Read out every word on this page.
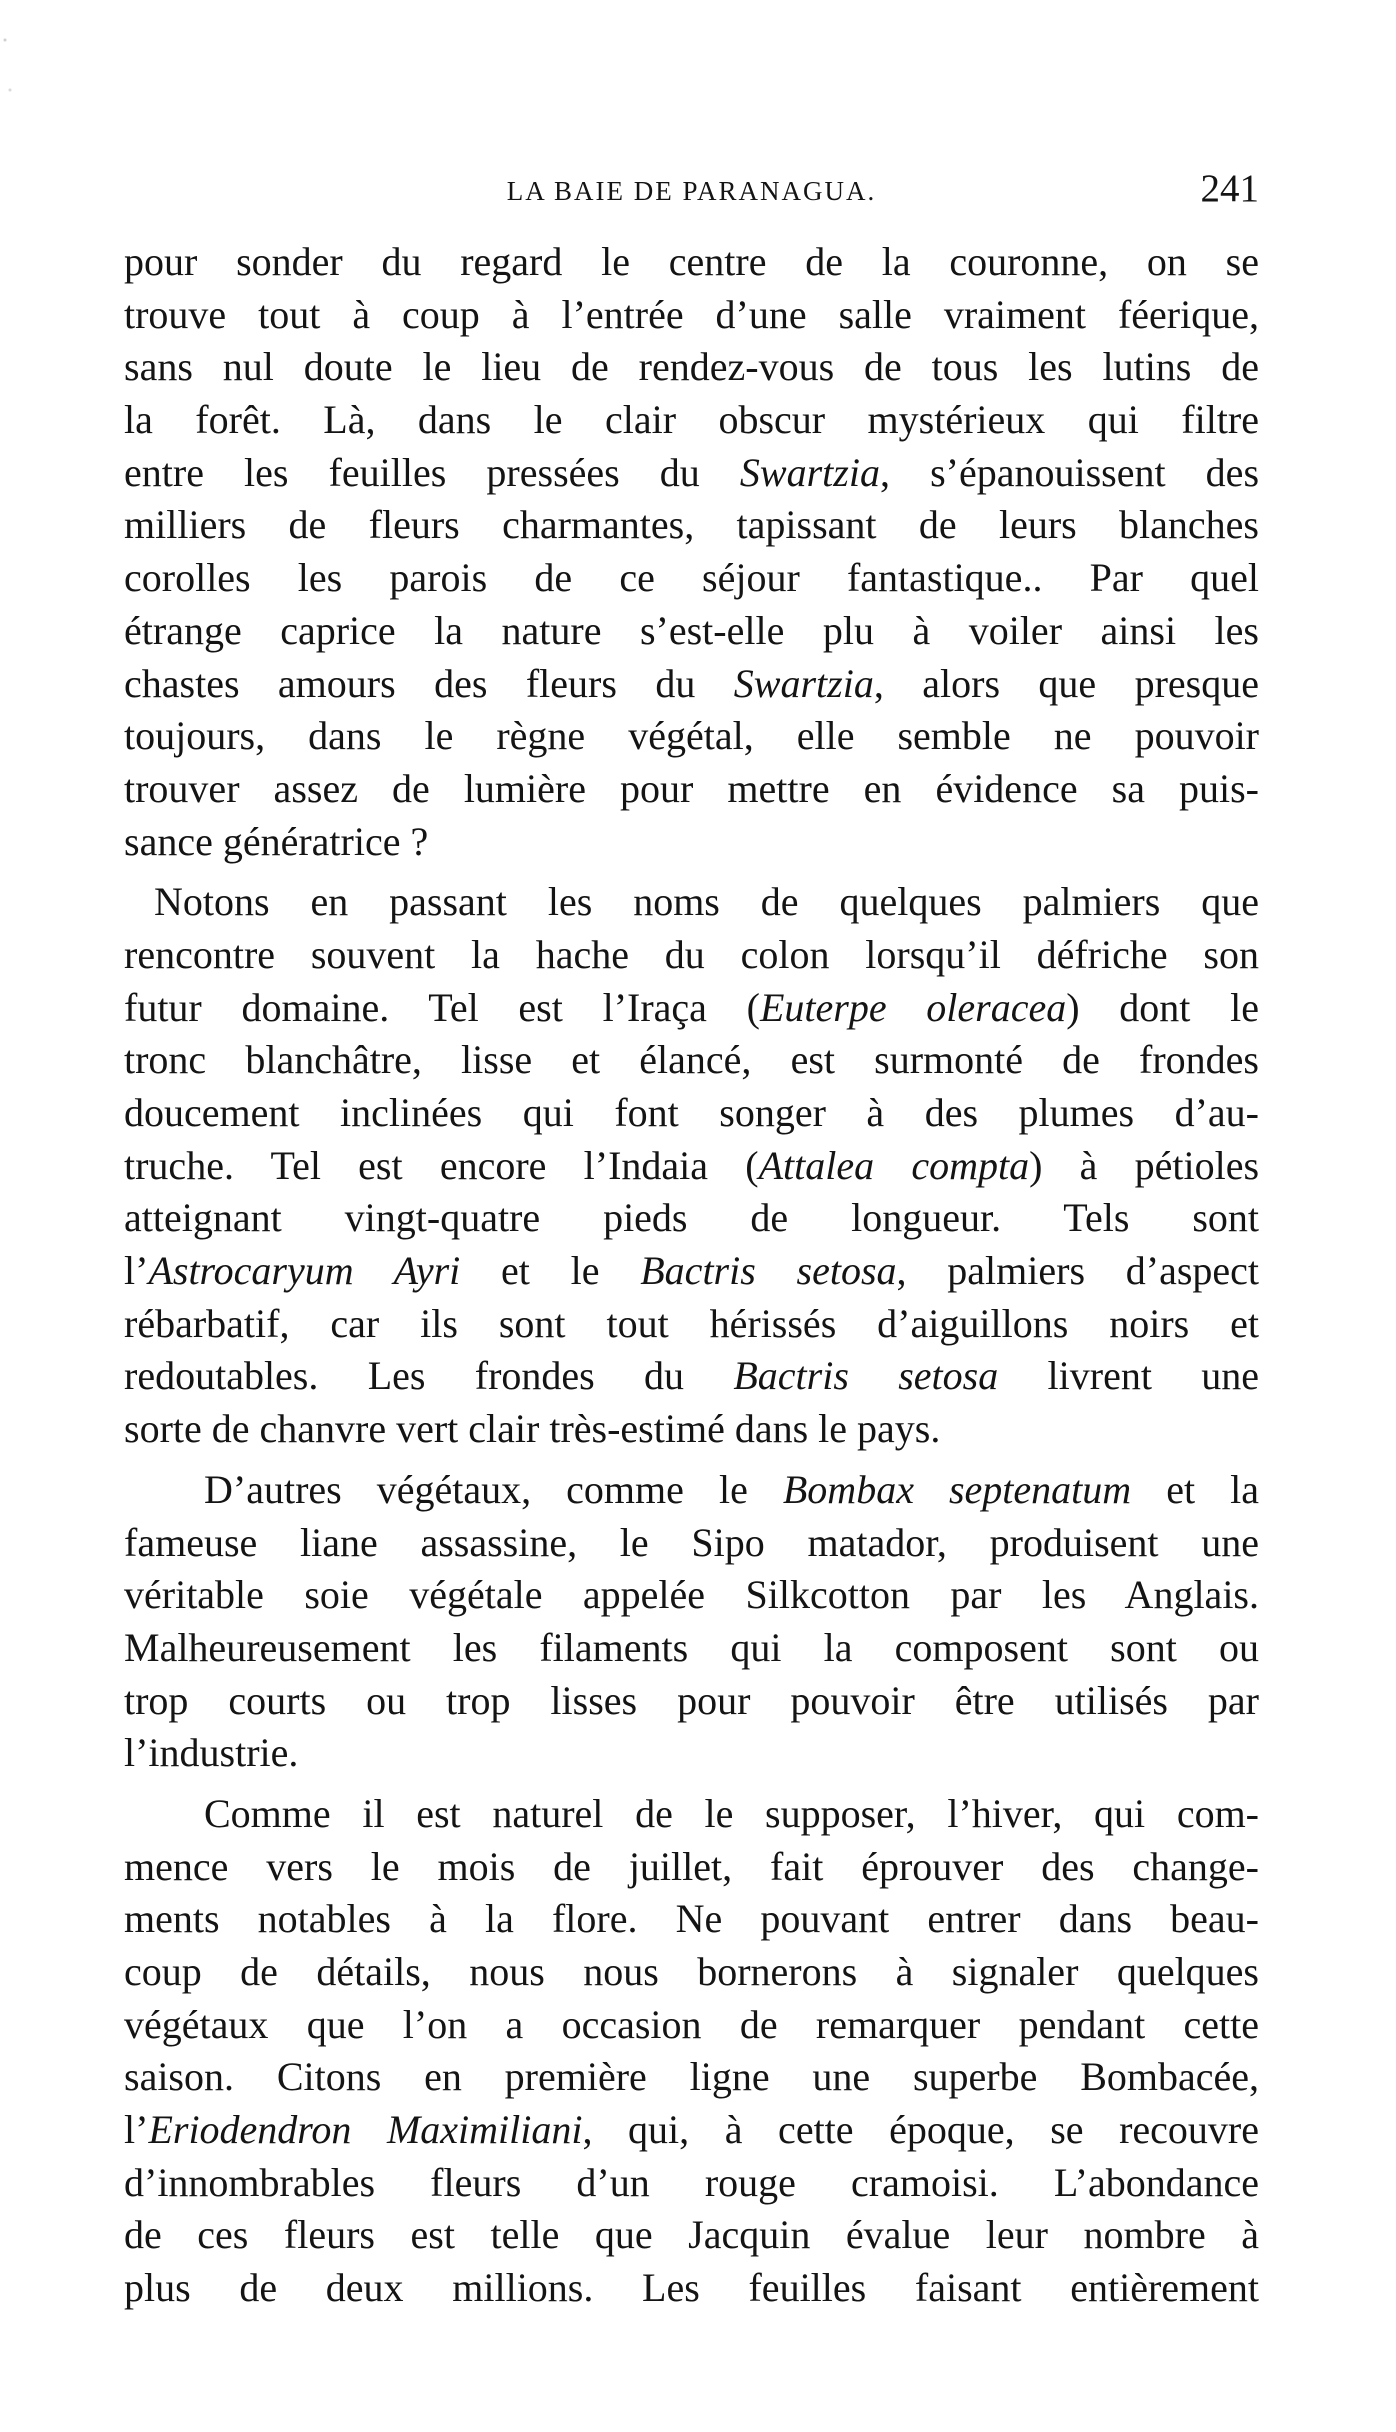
LA BAIE DE PARANAGUA.	241
pour sonder du regard le centre de la couronne, on se
trouve tout à coup à l’entrée d’une salle vraiment féerique,
sans nul doute le lieu de rendez-vous de tous les lutins de
la forêt. Là, dans le clair obscur mystérieux qui filtre
entre les feuilles pressées du Swartzia, s’épanouissent des
milliers de fleurs charmantes, tapissant de leurs blanches
corolles les parois de ce séjour fantastique.. Par quel
étrange caprice la nature s’est-elle plu à voiler ainsi les
chastes amours des fleurs du Swartzia, alors que presque
toujours, dans le règne végétal, elle semble ne pouvoir
trouver assez de lumière pour mettre en évidence sa puis-
sance génératrice ?
Notons en passant les noms de quelques palmiers que
rencontre souvent la hache du colon lorsqu’il défriche son
futur domaine. Tel est l’Iraça (Euterpe oleracea) dont le
tronc blanchâtre, lisse et élancé, est surmonté de frondes
doucement inclinées qui font songer à des plumes d’au-
truche. Tel est encore l’Indaia (Attalea compta) à pétioles
atteignant vingt-quatre pieds de longueur. Tels sont
l’Astrocaryum Ayri et le Bactris setosa, palmiers d’aspect
rébarbatif, car ils sont tout hérissés d’aiguillons noirs et
redoutables. Les frondes du Bactris setosa livrent une
sorte de chanvre vert clair très-estimé dans le pays.
D’autres végétaux, comme le Bombax septenatum et la
fameuse liane assassine, le Sipo matador, produisent une
véritable soie végétale appelée Silkcotton par les Anglais.
Malheureusement les filaments qui la composent sont ou
trop courts ou trop lisses pour pouvoir être utilisés par
l’industrie.
Comme il est naturel de le supposer, l’hiver, qui com-
mence vers le mois de juillet, fait éprouver des change-
ments notables à la flore. Ne pouvant entrer dans beau-
coup de détails, nous nous bornerons à signaler quelques
végétaux que l’on a occasion de remarquer pendant cette
saison. Citons en première ligne une superbe Bombacée,
l’Eriodendron Maximiliani, qui, à cette époque, se recouvre
d’innombrables fleurs d’un rouge cramoisi. L’abondance
de ces fleurs est telle que Jacquin évalue leur nombre à
plus de deux millions. Les feuilles faisant entièrement
